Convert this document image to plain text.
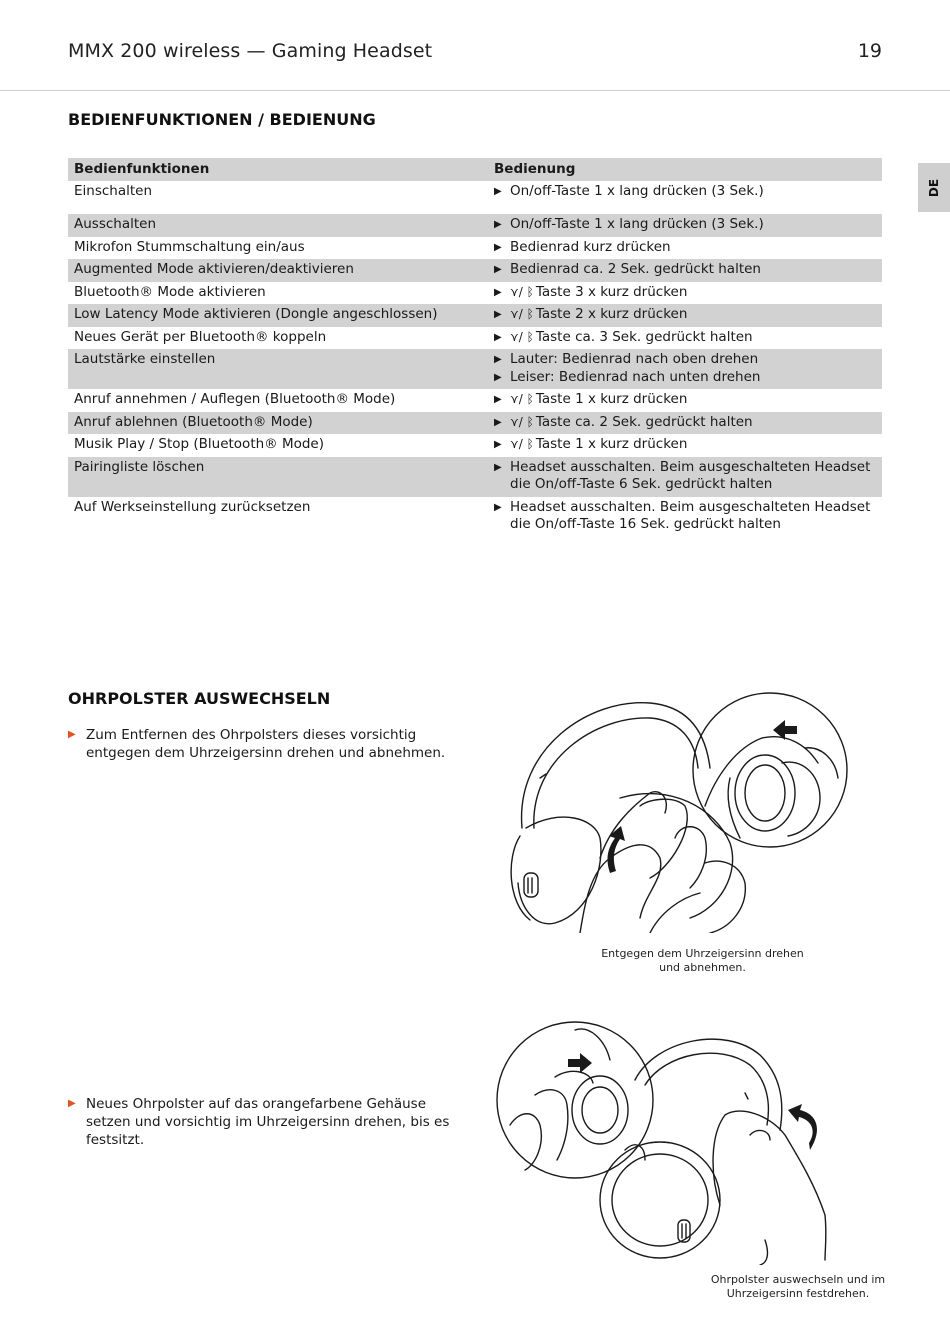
MMX 200 wireless — Gaming Headset	19
DE
BEDIENFUNKTIONEN / BEDIENUNG
Bedienfunktionen	Bedienung
Einschalten	▶ On/off-Taste 1 x lang drücken (3 Sek.)

Ausschalten	▶ On/off-Taste 1 x lang drücken (3 Sek.)

Mikrofon Stummschaltung ein/aus	▶ Bedienrad kurz drücken

Augmented Mode aktivieren/deaktivieren	▶ Bedienrad ca. 2 Sek. gedrückt halten

Bluetooth® Mode aktivieren	▶ ⋎/ ᛒ Taste 3 x kurz drücken

Low Latency Mode aktivieren (Dongle angeschlossen)	▶ ⋎/ ᛒ Taste 2 x kurz drücken

Neues Gerät per Bluetooth® koppeln	▶ ⋎/ ᛒ Taste ca. 3 Sek. gedrückt halten

Lautstärke einstellen	▶ Lauter: Bedienrad nach oben drehen
▶ Leiser: Bedienrad nach unten drehen

Anruf annehmen / Auflegen (Bluetooth® Mode)	▶ ⋎/ ᛒ Taste 1 x kurz drücken

Anruf ablehnen (Bluetooth® Mode)	▶ ⋎/ ᛒ Taste ca. 2 Sek. gedrückt halten

Musik Play / Stop (Bluetooth® Mode)	▶ ⋎/ ᛒ Taste 1 x kurz drücken

Pairingliste löschen	▶ Headset ausschalten. Beim ausgeschalteten Headset die On/off-Taste 6 Sek. gedrückt halten

Auf Werkseinstellung zurücksetzen	▶ Headset ausschalten. Beim ausgeschalteten Headset die On/off-Taste 16 Sek. gedrückt halten
OHRPOLSTER AUSWECHSELN
▶ Zum Entfernen des Ohrpolsters dieses vorsichtig entgegen dem Uhrzeigersinn drehen und abnehmen.
Entgegen dem Uhrzeigersinn drehen und abnehmen.
▶ Neues Ohrpolster auf das orangefarbene Gehäuse setzen und vorsichtig im Uhrzeigersinn drehen, bis es festsitzt.
Ohrpolster auswechseln und im Uhrzeigersinn festdrehen.
